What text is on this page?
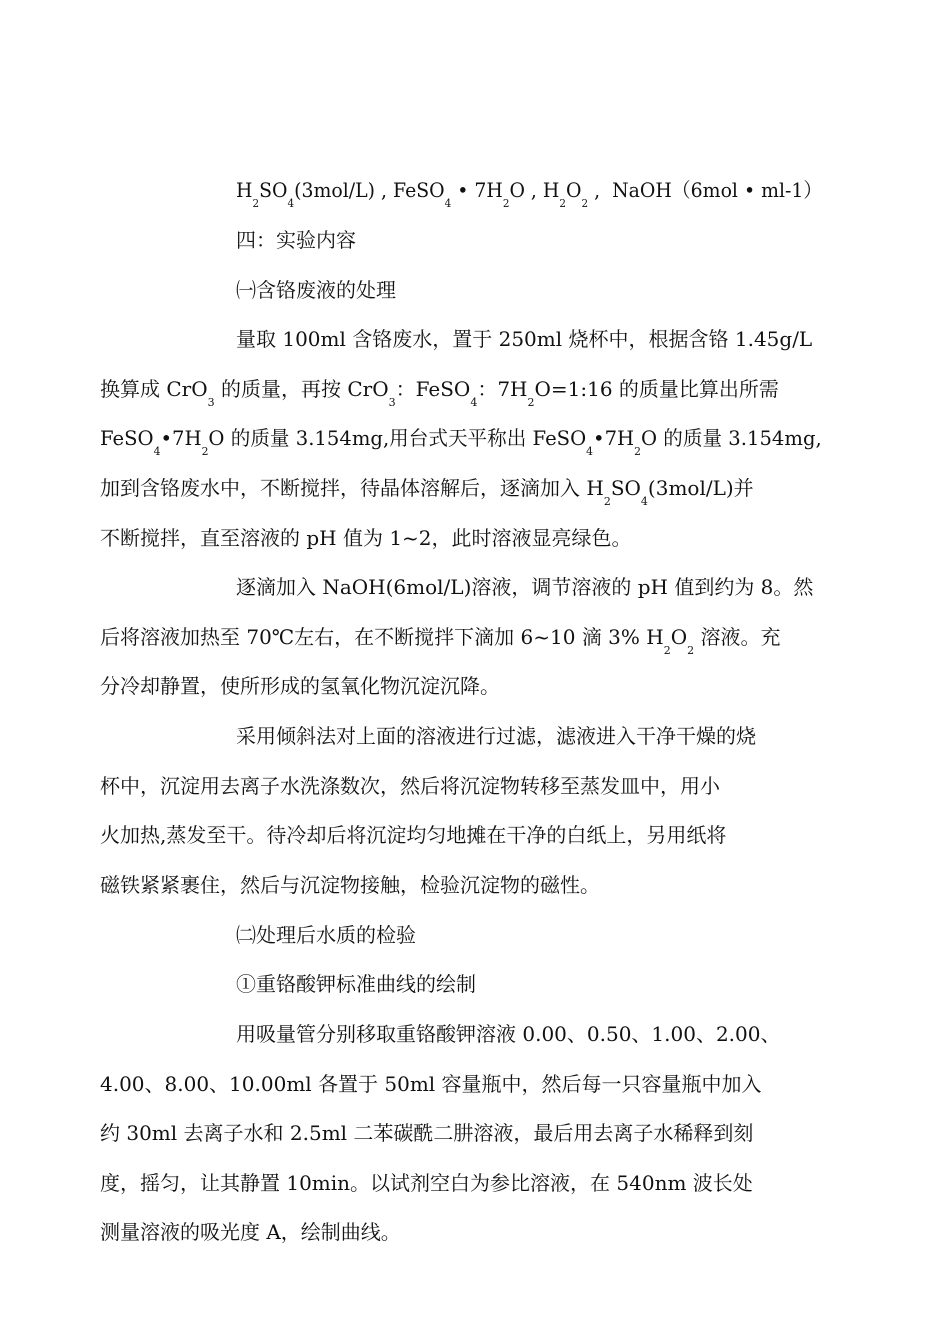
$H_2SO_4(3mol/L)$ , FeSO$_4$ • $7H_2O$ , $H_2O_2$ ,  NaOH（6mol • ml-1）
四：实验内容
㈠含铬废液的处理
量取 100ml 含铬废水，置于 250ml 烧杯中，根据含铬 1.45g/L
换算成 CrO$_3$ 的质量，再按 CrO$_3$：FeSO$_4$：$7H_2O=1:16$ 的质量比算出所需
$FeSO_4•7H_2O$ 的质量 3.154mg,用台式天平称出 $FeSO_4•7H_2O$ 的质量 3.154mg,
加到含铬废水中，不断搅拌，待晶体溶解后，逐滴加入 $H_2SO_4(3mol/L)$并
不断搅拌，直至溶液的 pH 值为 1~2，此时溶液显亮绿色。
逐滴加入 NaOH(6mol/L)溶液，调节溶液的 pH 值到约为 8。然
后将溶液加热至 70℃左右，在不断搅拌下滴加 6~10 滴 3% $H_2O_2$ 溶液。充
分冷却静置，使所形成的氢氧化物沉淀沉降。
采用倾斜法对上面的溶液进行过滤，滤液进入干净干燥的烧
杯中，沉淀用去离子水洗涤数次，然后将沉淀物转移至蒸发皿中，用小
火加热,蒸发至干。待冷却后将沉淀均匀地摊在干净的白纸上，另用纸将
磁铁紧紧裹住，然后与沉淀物接触，检验沉淀物的磁性。
㈡处理后水质的检验
①重铬酸钾标准曲线的绘制
用吸量管分别移取重铬酸钾溶液 0.00、0.50、1.00、2.00、
4.00、8.00、10.00ml 各置于 50ml 容量瓶中，然后每一只容量瓶中加入
约 30ml 去离子水和 2.5ml 二苯碳酰二肼溶液，最后用去离子水稀释到刻
度，摇匀，让其静置 10min。以试剂空白为参比溶液，在 540nm 波长处
测量溶液的吸光度 A，绘制曲线。
